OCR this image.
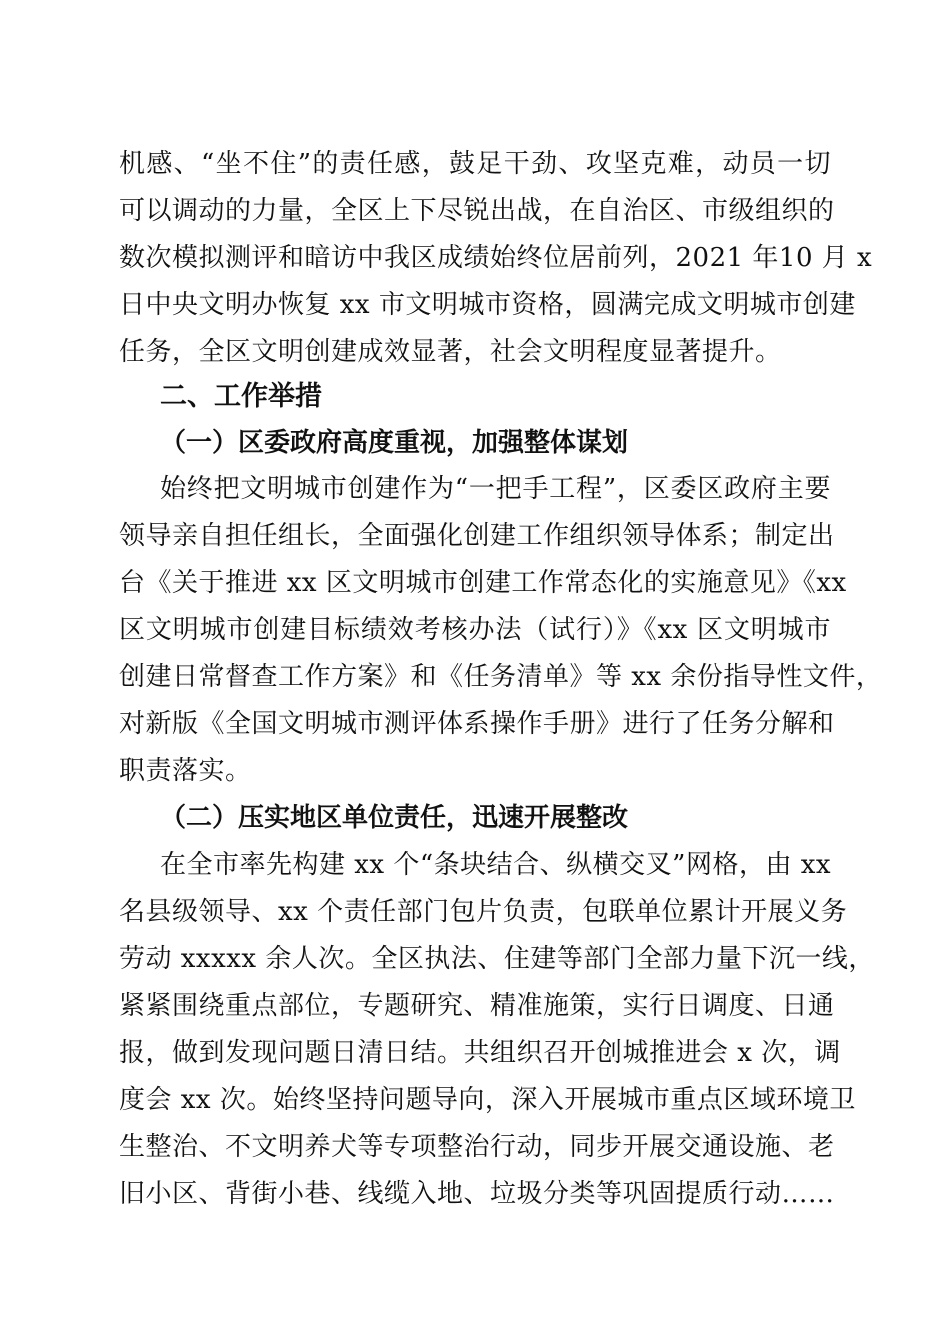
机感、“坐不住”的责任感，鼓足干劲、攻坚克难，动员一切
可以调动的力量，全区上下尽锐出战，在自治区、市级组织的
数次模拟测评和暗访中我区成绩始终位居前列，2021 年10 月 x
日中央文明办恢复 xx 市文明城市资格，圆满完成文明城市创建
任务，全区文明创建成效显著，社会文明程度显著提升。
二、工作举措
（一）区委政府高度重视，加强整体谋划
始终把文明城市创建作为“一把手工程”，区委区政府主要
领导亲自担任组长，全面强化创建工作组织领导体系；制定出
台《关于推进 xx 区文明城市创建工作常态化的实施意见》《xx
区文明城市创建目标绩效考核办法（试行）》《xx 区文明城市
创建日常督查工作方案》和《任务清单》等 xx 余份指导性文件，
对新版《全国文明城市测评体系操作手册》进行了任务分解和
职责落实。
（二）压实地区单位责任，迅速开展整改
在全市率先构建 xx 个“条块结合、纵横交叉”网格，由 xx
名县级领导、xx 个责任部门包片负责，包联单位累计开展义务
劳动 xxxxx 余人次。全区执法、住建等部门全部力量下沉一线，
紧紧围绕重点部位，专题研究、精准施策，实行日调度、日通
报，做到发现问题日清日结。共组织召开创城推进会 x 次，调
度会 xx 次。始终坚持问题导向，深入开展城市重点区域环境卫
生整治、不文明养犬等专项整治行动，同步开展交通设施、老
旧小区、背街小巷、线缆入地、垃圾分类等巩固提质行动……
